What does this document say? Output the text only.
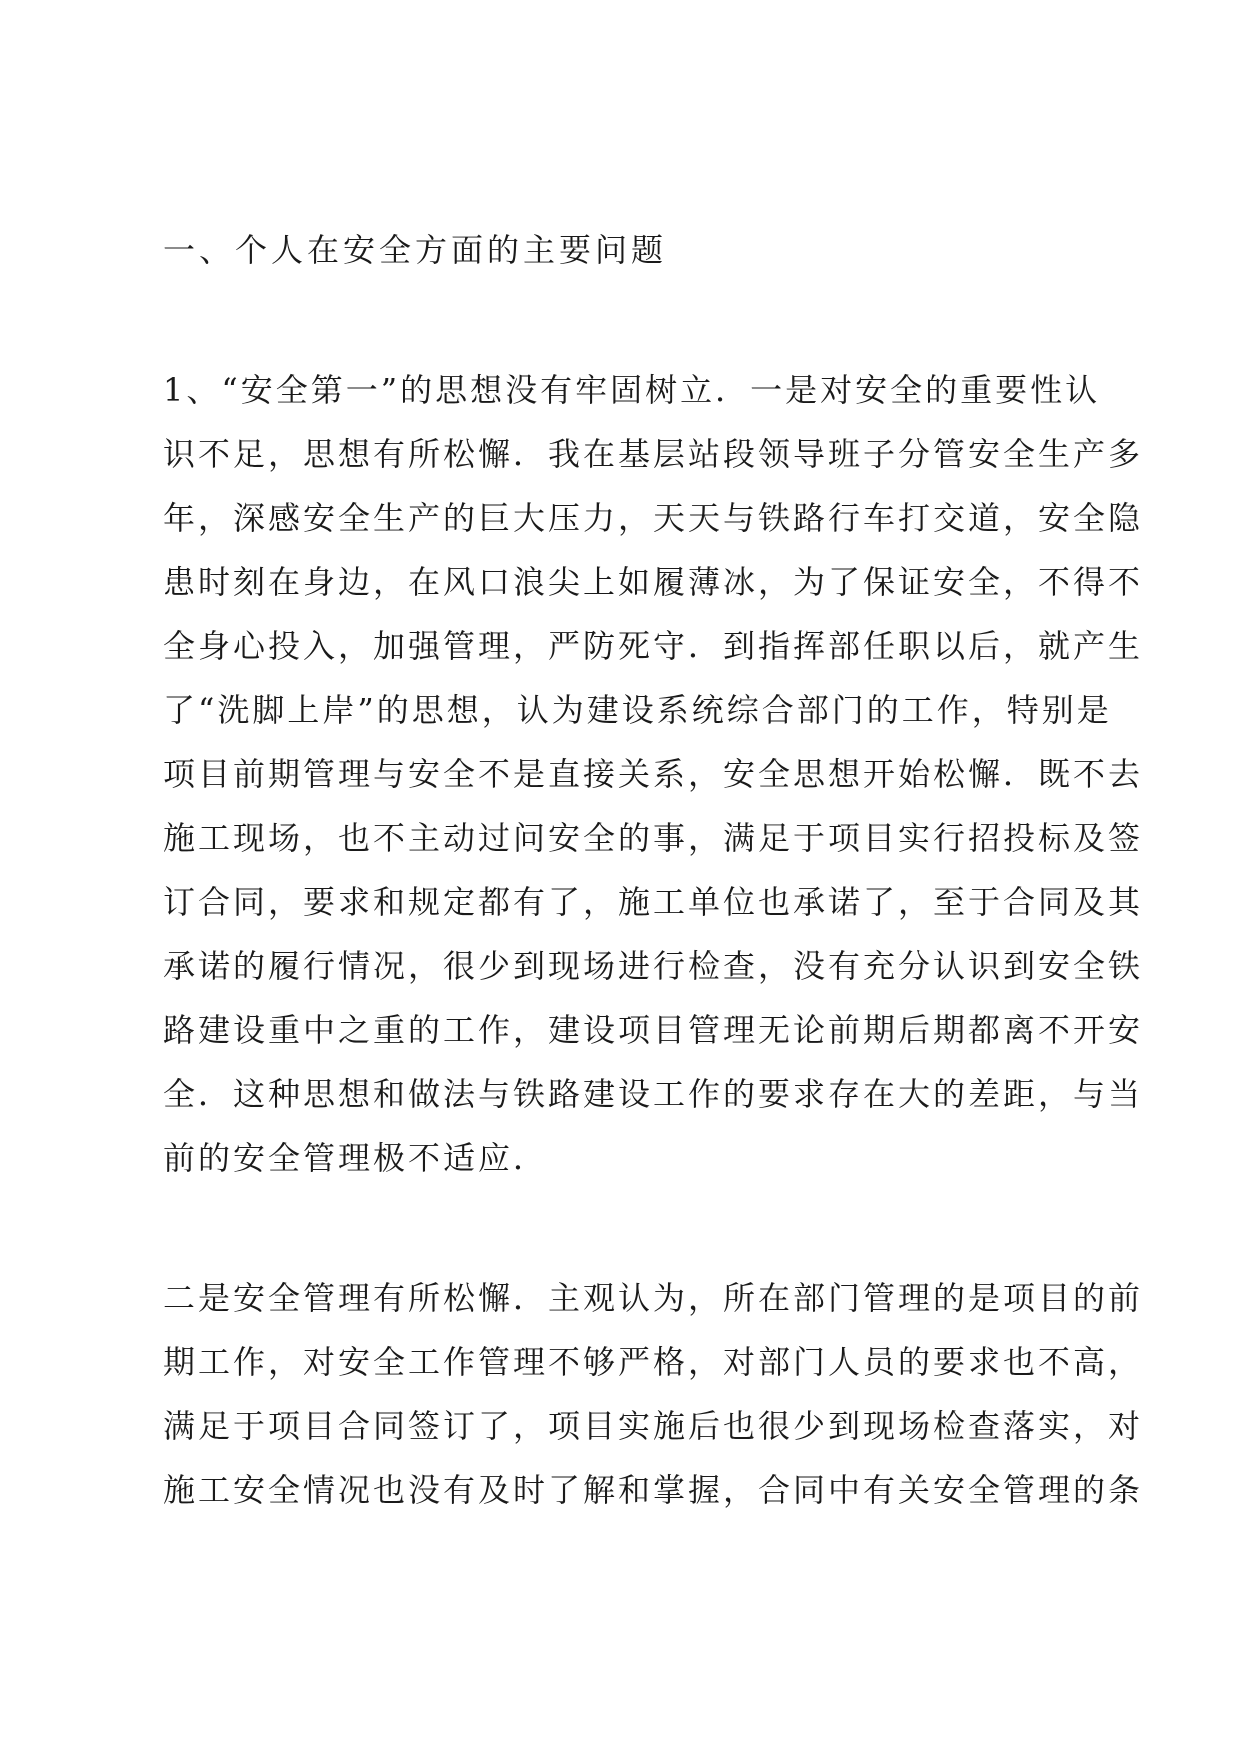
一、个人在安全方面的主要问题
1、“安全第一”的思想没有牢固树立．一是对安全的重要性认
识不足，思想有所松懈．我在基层站段领导班子分管安全生产多
年，深感安全生产的巨大压力，天天与铁路行车打交道，安全隐
患时刻在身边，在风口浪尖上如履薄冰，为了保证安全，不得不
全身心投入，加强管理，严防死守．到指挥部任职以后，就产生
了“洗脚上岸”的思想，认为建设系统综合部门的工作，特别是
项目前期管理与安全不是直接关系，安全思想开始松懈．既不去
施工现场，也不主动过问安全的事，满足于项目实行招投标及签
订合同，要求和规定都有了，施工单位也承诺了，至于合同及其
承诺的履行情况，很少到现场进行检查，没有充分认识到安全铁
路建设重中之重的工作，建设项目管理无论前期后期都离不开安
全．这种思想和做法与铁路建设工作的要求存在大的差距，与当
前的安全管理极不适应．
二是安全管理有所松懈．主观认为，所在部门管理的是项目的前
期工作，对安全工作管理不够严格，对部门人员的要求也不高，
满足于项目合同签订了，项目实施后也很少到现场检查落实，对
施工安全情况也没有及时了解和掌握，合同中有关安全管理的条
